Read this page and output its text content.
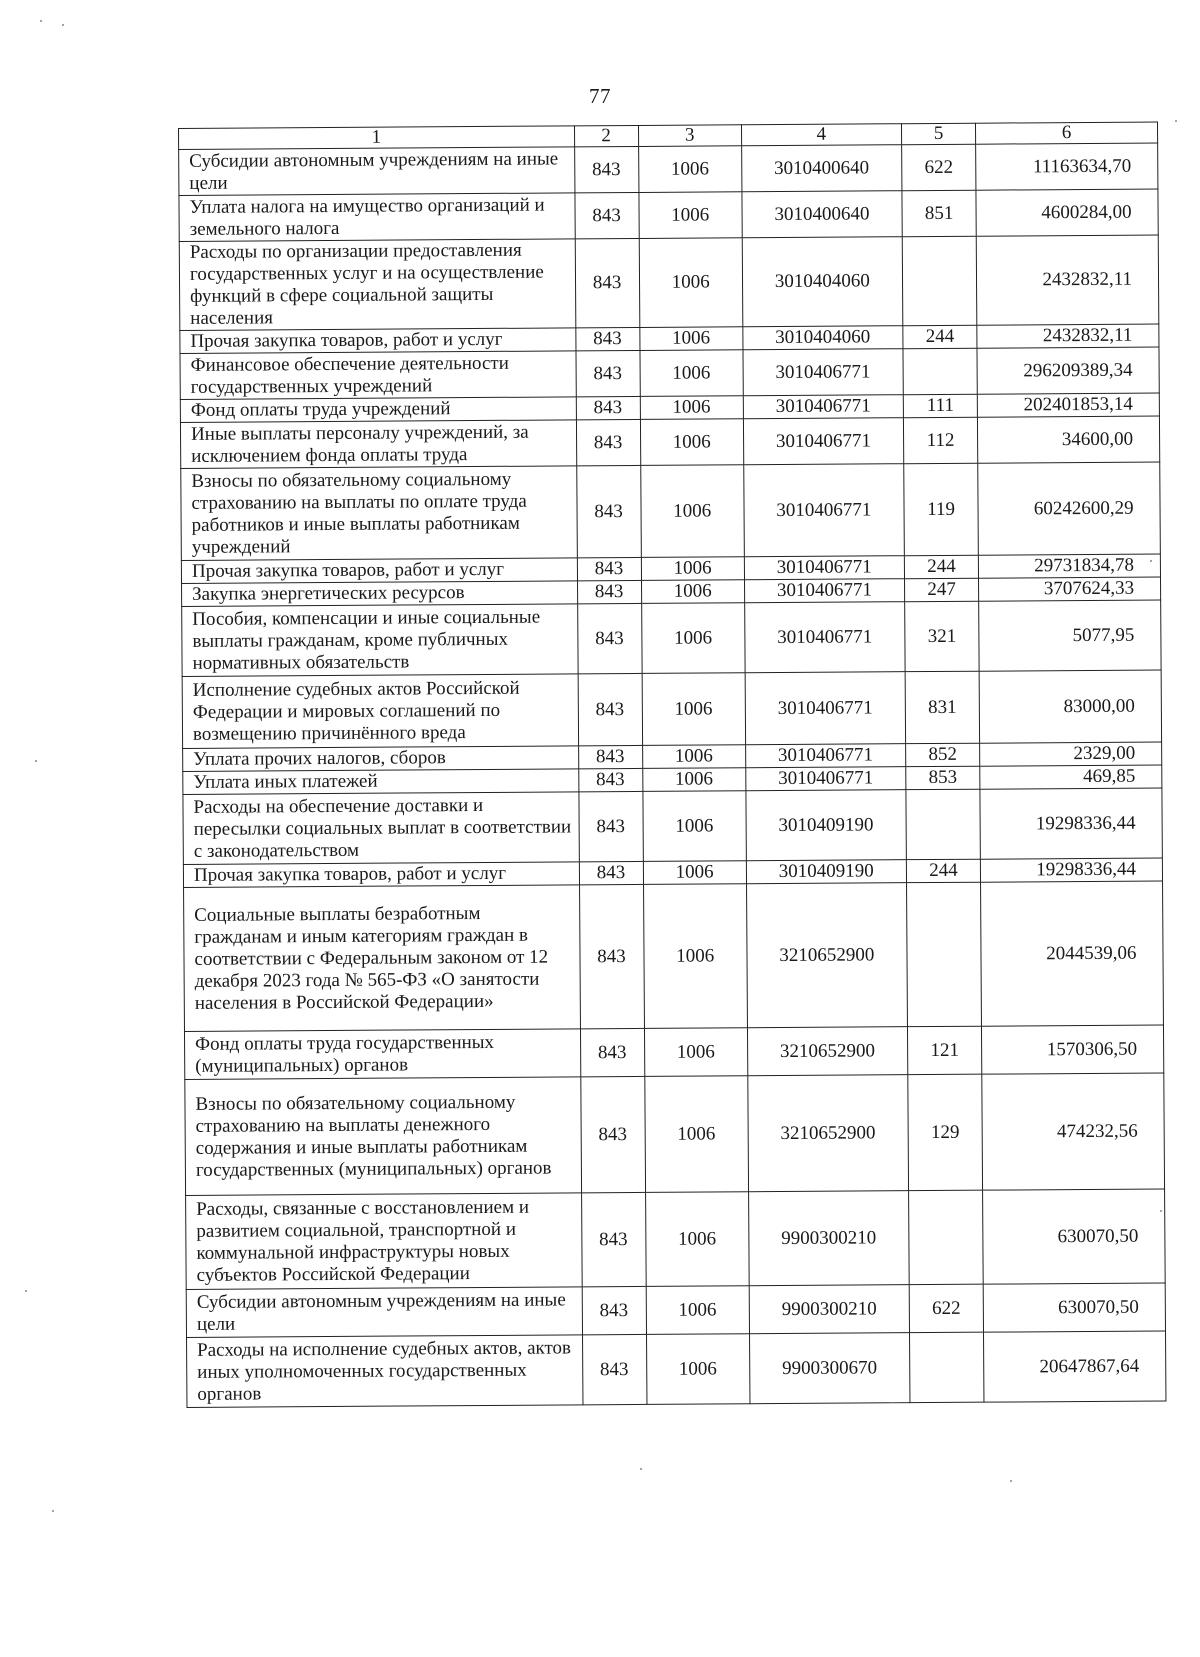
77
1	2	3	4	5	6
Субсидии автономным учреждениям на иные цели	843	1006	3010400640	622	11163634,70
Уплата налога на имущество организаций и земельного налога	843	1006	3010400640	851	4600284,00
Расходы по организации предоставления государственных услуг и на осуществление функций в сфере социальной защиты населения	843	1006	3010404060		2432832,11
Прочая закупка товаров, работ и услуг	843	1006	3010404060	244	2432832,11
Финансовое обеспечение деятельности государственных учреждений	843	1006	3010406771		296209389,34
Фонд оплаты труда учреждений	843	1006	3010406771	111	202401853,14
Иные выплаты персоналу учреждений, за исключением фонда оплаты труда	843	1006	3010406771	112	34600,00
Взносы по обязательному социальному страхованию на выплаты по оплате труда работников и иные выплаты работникам учреждений	843	1006	3010406771	119	60242600,29
Прочая закупка товаров, работ и услуг	843	1006	3010406771	244	29731834,78
Закупка энергетических ресурсов	843	1006	3010406771	247	3707624,33
Пособия, компенсации и иные социальные выплаты гражданам, кроме публичных нормативных обязательств	843	1006	3010406771	321	5077,95
Исполнение судебных актов Российской Федерации и мировых соглашений по возмещению причинённого вреда	843	1006	3010406771	831	83000,00
Уплата прочих налогов, сборов	843	1006	3010406771	852	2329,00
Уплата иных платежей	843	1006	3010406771	853	469,85
Расходы на обеспечение доставки и пересылки социальных выплат в соответствии с законодательством	843	1006	3010409190		19298336,44
Прочая закупка товаров, работ и услуг	843	1006	3010409190	244	19298336,44
Социальные выплаты безработным гражданам и иным категориям граждан в соответствии с Федеральным законом от 12 декабря 2023 года № 565-ФЗ «О занятости населения в Российской Федерации»	843	1006	3210652900		2044539,06
Фонд оплаты труда государственных (муниципальных) органов	843	1006	3210652900	121	1570306,50
Взносы по обязательному социальному страхованию на выплаты денежного содержания и иные выплаты работникам государственных (муниципальных) органов	843	1006	3210652900	129	474232,56
Расходы, связанные с восстановлением и развитием социальной, транспортной и коммунальной инфраструктуры новых субъектов Российской Федерации	843	1006	9900300210		630070,50
Субсидии автономным учреждениям на иные цели	843	1006	9900300210	622	630070,50
Расходы на исполнение судебных актов, актов иных уполномоченных государственных органов	843	1006	9900300670		20647867,64
